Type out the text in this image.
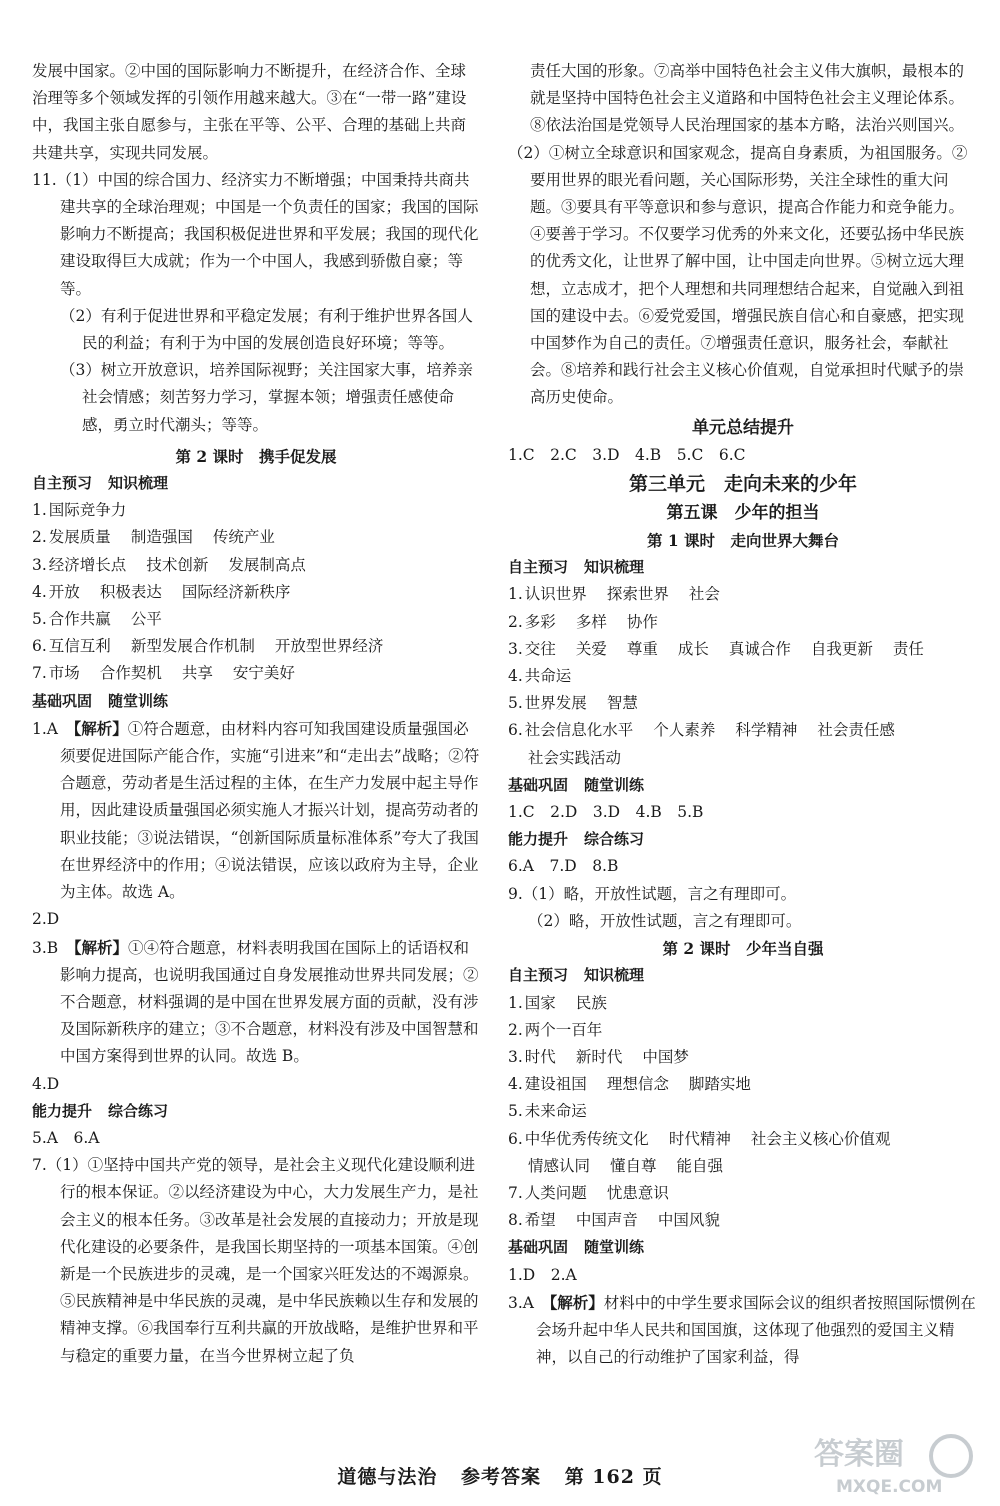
发展中国家。②中国的国际影响力不断提升，在经济合作、全球治理等多个领域发挥的引领作用越来越大。③在“一带一路”建设中，我国主张自愿参与，主张在平等、公平、合理的基础上共商共建共享，实现共同发展。

11.（1）中国的综合国力、经济实力不断增强；中国秉持共商共建共享的全球治理观；中国是一个负责任的国家；我国的国际影响力不断提高；我国积极促进世界和平发展；我国的现代化建设取得巨大成就；作为一个中国人，我感到骄傲自豪；等等。

（2）有利于促进世界和平稳定发展；有利于维护世界各国人民的利益；有利于为中国的发展创造良好环境；等等。

（3）树立开放意识，培养国际视野；关注国家大事，培养亲社会情感；刻苦努力学习，掌握本领；增强责任感使命感，勇立时代潮头；等等。

第 2 课时　携手促发展
自主预习 知识梳理
1. 国际竞争力
2. 发展质量 制造强国 传统产业
3. 经济增长点 技术创新 发展制高点
4. 开放 积极表达 国际经济新秩序
5. 合作共赢 公平
6. 互信互利 新型发展合作机制 开放型世界经济
7. 市场 合作契机 共享 安宁美好
基础巩固 随堂训练

1.A　 【解析】①符合题意，由材料内容可知我国建设质量强国必须要促进国际产能合作，实施“引进来”和“走出去”战略；②符合题意，劳动者是生活过程的主体，在生产力发展中起主导作用，因此建设质量强国必须实施人才振兴计划，提高劳动者的职业技能；③说法错误，“创新国际质量标准体系”夸大了我国在世界经济中的作用；④说法错误，应该以政府为主导，企业为主体。故选 A。

2.D

3.B　 【解析】①④符合题意，材料表明我国在国际上的话语权和影响力提高，也说明我国通过自身发展推动世界共同发展；②不合题意，材料强调的是中国在世界发展方面的贡献，没有涉及国际新秩序的建立；③不合题意，材料没有涉及中国智慧和中国方案得到世界的认同。故选 B。

4.D

能力提升 综合练习

5.A　6.A

7.（1）①坚持中国共产党的领导，是社会主义现代化建设顺利进行的根本保证。②以经济建设为中心，大力发展生产力，是社会主义的根本任务。③改革是社会发展的直接动力；开放是现代化建设的必要条件，是我国长期坚持的一项基本国策。④创新是一个民族进步的灵魂，是一个国家兴旺发达的不竭源泉。⑤民族精神是中华民族的灵魂，是中华民族赖以生存和发展的精神支撑。⑥我国奉行互利共赢的开放战略，是维护世界和平与稳定的重要力量，在当今世界树立起了负

责任大国的形象。⑦高举中国特色社会主义伟大旗帜，最根本的就是坚持中国特色社会主义道路和中国特色社会主义理论体系。⑧依法治国是党领导人民治理国家的基本方略，法治兴则国兴。

（2）①树立全球意识和国家观念，提高自身素质，为祖国服务。②要用世界的眼光看问题，关心国际形势，关注全球性的重大问题。③要具有平等意识和参与意识，提高合作能力和竞争能力。④要善于学习。不仅要学习优秀的外来文化，还要弘扬中华民族的优秀文化，让世界了解中国，让中国走向世界。⑤树立远大理想，立志成才，把个人理想和共同理想结合起来，自觉融入到祖国的建设中去。⑥爱党爱国，增强民族自信心和自豪感，把实现中国梦作为自己的责任。⑦增强责任意识，服务社会，奉献社会。⑧培养和践行社会主义核心价值观，自觉承担时代赋予的崇高历史使命。

单元总结提升

1.C　2.C　3.D　4.B　5.C　6.C

第三单元　走向未来的少年
第五课　少年的担当
第 1 课时　走向世界大舞台
自主预习 知识梳理
1. 认识世界 探索世界 社会
2. 多彩 多样 协作
3. 交往 关爱 尊重 成长 真诚合作 自我更新 责任
4. 共命运
5. 世界发展 智慧
6. 社会信息化水平 个人素养 科学精神 社会责任感
社会实践活动
基础巩固 随堂训练

1.C　2.D　3.D　4.B　5.B

能力提升 综合练习

6.A　7.D　8.B

9.（1）略，开放性试题，言之有理即可。

（2）略，开放性试题，言之有理即可。

第 2 课时　少年当自强
自主预习 知识梳理
1. 国家 民族
2. 两个一百年
3. 时代 新时代 中国梦
4. 建设祖国 理想信念 脚踏实地
5. 未来命运
6. 中华优秀传统文化 时代精神 社会主义核心价值观
情感认同 懂自尊 能自强
7. 人类问题 忧患意识
8. 希望 中国声音 中国风貌
基础巩固 随堂训练

1.D　2.A

3.A　 【解析】材料中的中学生要求国际会议的组织者按照国际惯例在会场升起中华人民共和国国旗，这体现了他强烈的爱国主义精神，以自己的行动维护了国家利益，得

道德与法治 参考答案 第 162 页
答案圈
MXQE.COM
